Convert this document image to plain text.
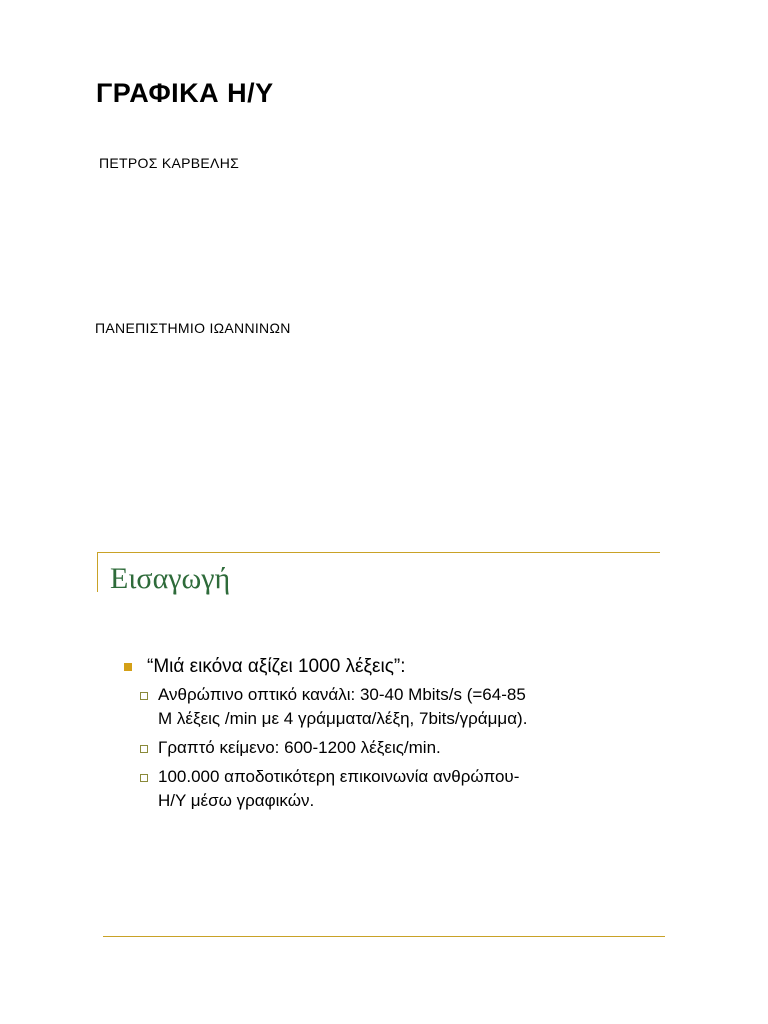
ΓΡΑΦΙΚΑ Η/Υ
ΠΕΤΡΟΣ ΚΑΡΒΕΛΗΣ
ΠΑΝΕΠΙΣΤΗΜΙΟ ΙΩΑΝΝΙΝΩΝ
Εισαγωγή
“Μιά εικόνα αξίζει 1000 λέξεις”:
Ανθρώπινο οπτικό κανάλι: 30-40 Mbits/s (=64-85
M λέξεις /min με 4 γράμματα/λέξη, 7bits/γράμμα).
Γραπτό κείμενο: 600-1200 λέξεις/min.
100.000 αποδοτικότερη επικοινωνία ανθρώπου-
Η/Υ μέσω γραφικών.
